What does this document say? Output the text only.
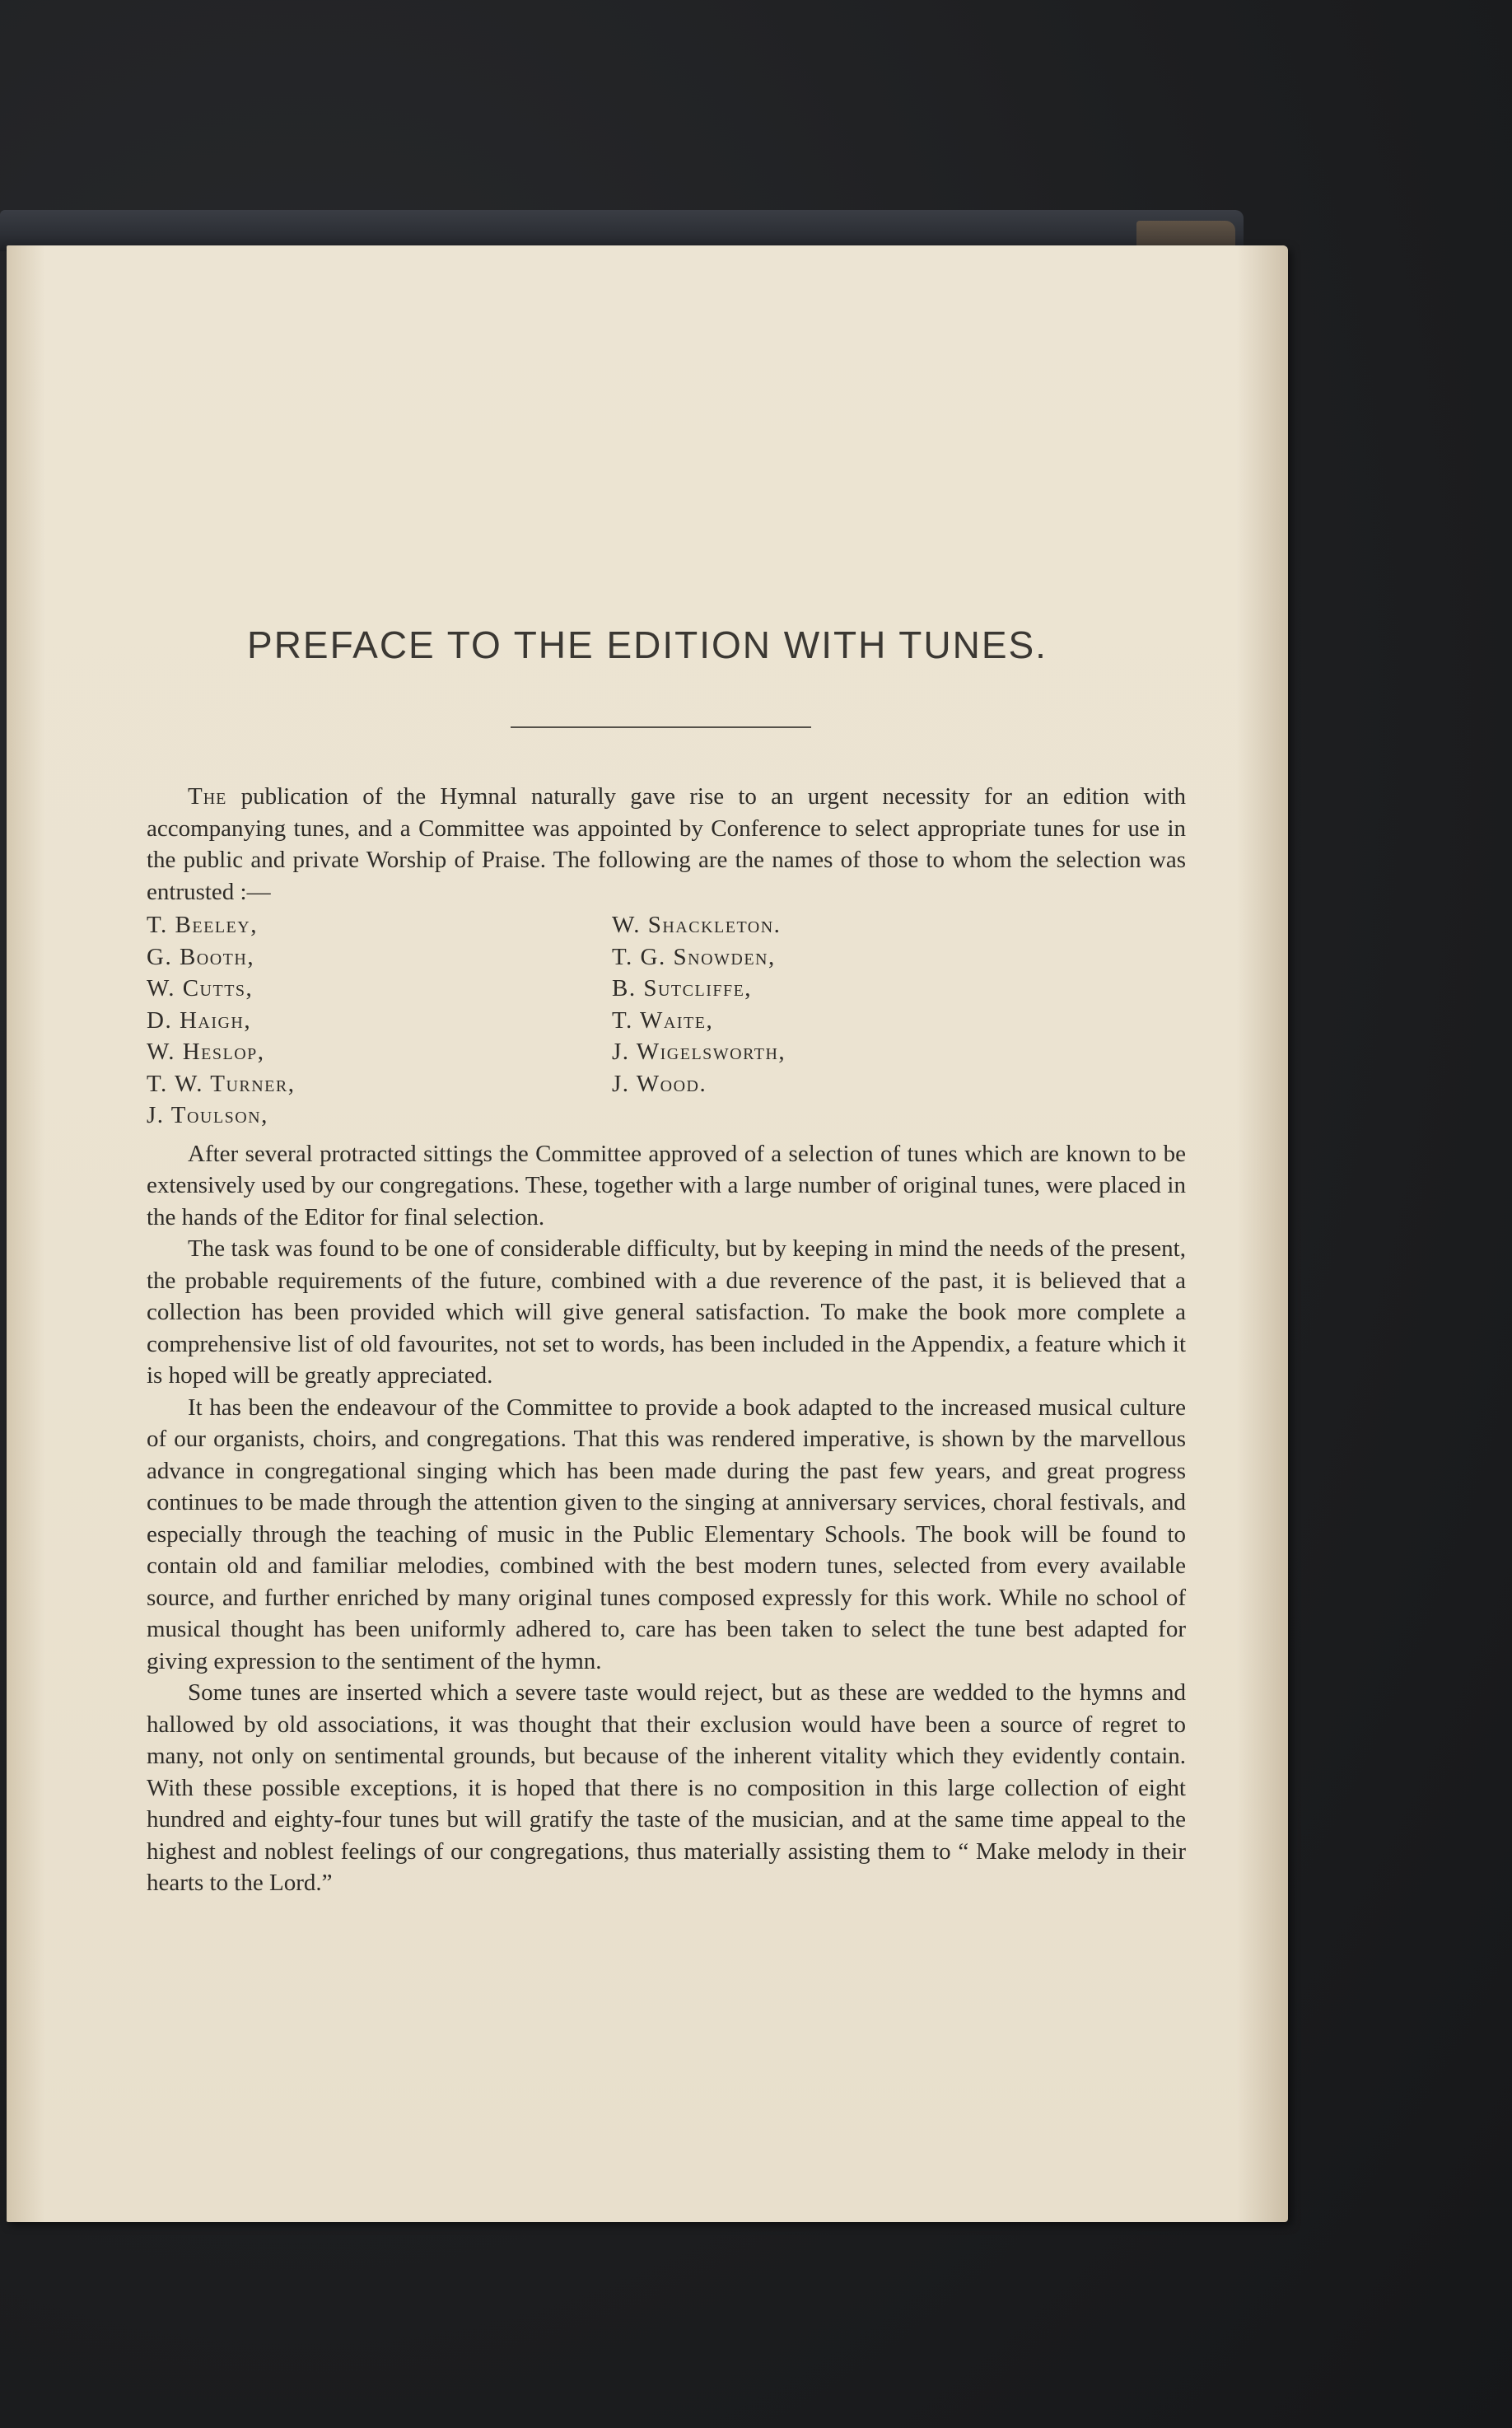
PREFACE TO THE EDITION WITH TUNES.

The publication of the Hymnal naturally gave rise to an urgent necessity for an edition with accompanying tunes, and a Committee was appointed by Conference to select appropriate tunes for use in the public and private Worship of Praise. The following are the names of those to whom the selection was entrusted :—

T. Beeley,
G. Booth,
W. Cutts,
D. Haigh,
W. Heslop,
T. W. Turner,
J. Toulson,
W. Shackleton.
T. G. Snowden,
B. Sutcliffe,
T. Waite,
J. Wigelsworth,
J. Wood.

After several protracted sittings the Committee approved of a selection of tunes which are known to be extensively used by our congregations. These, together with a large number of original tunes, were placed in the hands of the Editor for final selection.

The task was found to be one of considerable difficulty, but by keeping in mind the needs of the present, the probable requirements of the future, combined with a due reverence of the past, it is believed that a collection has been provided which will give general satisfaction. To make the book more complete a comprehensive list of old favourites, not set to words, has been included in the Appendix, a feature which it is hoped will be greatly appreciated.

It has been the endeavour of the Committee to provide a book adapted to the increased musical culture of our organists, choirs, and congregations. That this was rendered imperative, is shown by the marvellous advance in congregational singing which has been made during the past few years, and great progress continues to be made through the attention given to the singing at anniversary services, choral festivals, and especially through the teaching of music in the Public Elementary Schools. The book will be found to contain old and familiar melodies, combined with the best modern tunes, selected from every available source, and further enriched by many original tunes composed expressly for this work. While no school of musical thought has been uniformly adhered to, care has been taken to select the tune best adapted for giving expression to the sentiment of the hymn.

Some tunes are inserted which a severe taste would reject, but as these are wedded to the hymns and hallowed by old associations, it was thought that their exclusion would have been a source of regret to many, not only on sentimental grounds, but because of the inherent vitality which they evidently contain. With these possible exceptions, it is hoped that there is no composition in this large collection of eight hundred and eighty-four tunes but will gratify the taste of the musician, and at the same time appeal to the highest and noblest feelings of our congregations, thus materially assisting them to “ Make melody in their hearts to the Lord.”
